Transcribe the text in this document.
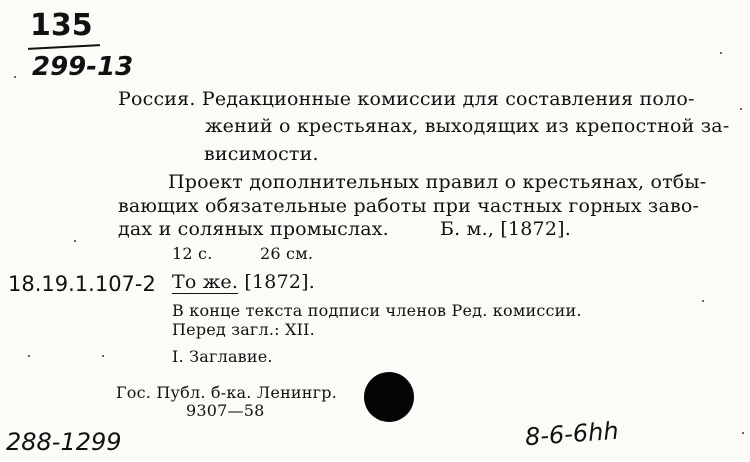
135
299-13
Россия. Редакционные комиссии для составления поло-
жений о крестьянах, выходящих из крепостной за-
висимости.
Проект дополнительных правил о крестьянах, отбы-
вающих обязательные работы при частных горных заво-
дах и соляных промыслах.	Б. м., [1872].
12 с.	26 см.
18.19.1.107-2 То же. [1872].
В конце текста подписи членов Ред. комиссии.
Перед загл.: XII.
I. Заглавие.
Гос. Публ. б-ка. Ленингр.
9307—58
288-1299	8-6-6hh
